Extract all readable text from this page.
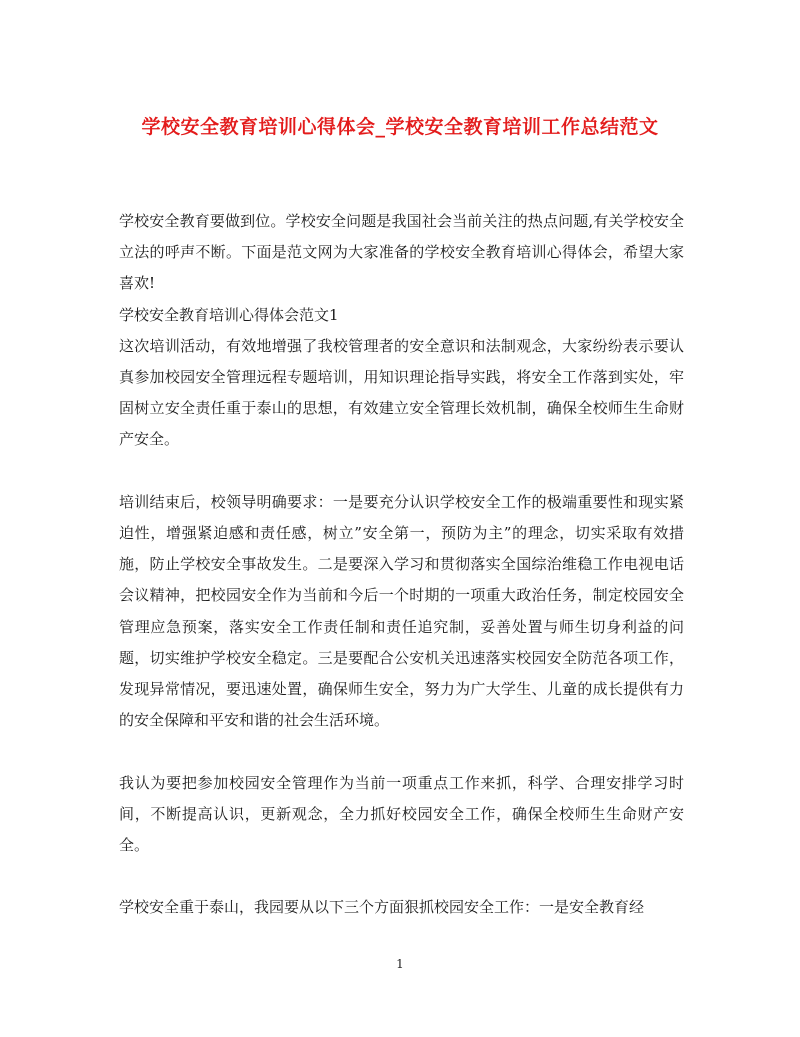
学校安全教育培训心得体会_学校安全教育培训工作总结范文

学校安全教育要做到位。学校安全问题是我国社会当前关注的热点问题,有关学校安全立法的呼声不断。下面是范文网为大家准备的学校安全教育培训心得体会，希望大家喜欢!

学校安全教育培训心得体会范文1

这次培训活动，有效地增强了我校管理者的安全意识和法制观念，大家纷纷表示要认真参加校园安全管理远程专题培训，用知识理论指导实践，将安全工作落到实处，牢固树立安全责任重于泰山的思想，有效建立安全管理长效机制，确保全校师生生命财产安全。

培训结束后，校领导明确要求：一是要充分认识学校安全工作的极端重要性和现实紧迫性，增强紧迫感和责任感，树立”安全第一，预防为主”的理念，切实采取有效措施，防止学校安全事故发生。二是要深入学习和贯彻落实全国综治维稳工作电视电话会议精神，把校园安全作为当前和今后一个时期的一项重大政治任务，制定校园安全管理应急预案，落实安全工作责任制和责任追究制，妥善处置与师生切身利益的问题，切实维护学校安全稳定。三是要配合公安机关迅速落实校园安全防范各项工作，发现异常情况，要迅速处置，确保师生安全，努力为广大学生、儿童的成长提供有力的安全保障和平安和谐的社会生活环境。

我认为要把参加校园安全管理作为当前一项重点工作来抓，科学、合理安排学习时间，不断提高认识，更新观念，全力抓好校园安全工作，确保全校师生生命财产安全。

学校安全重于泰山，我园要从以下三个方面狠抓校园安全工作：一是安全教育经

1
